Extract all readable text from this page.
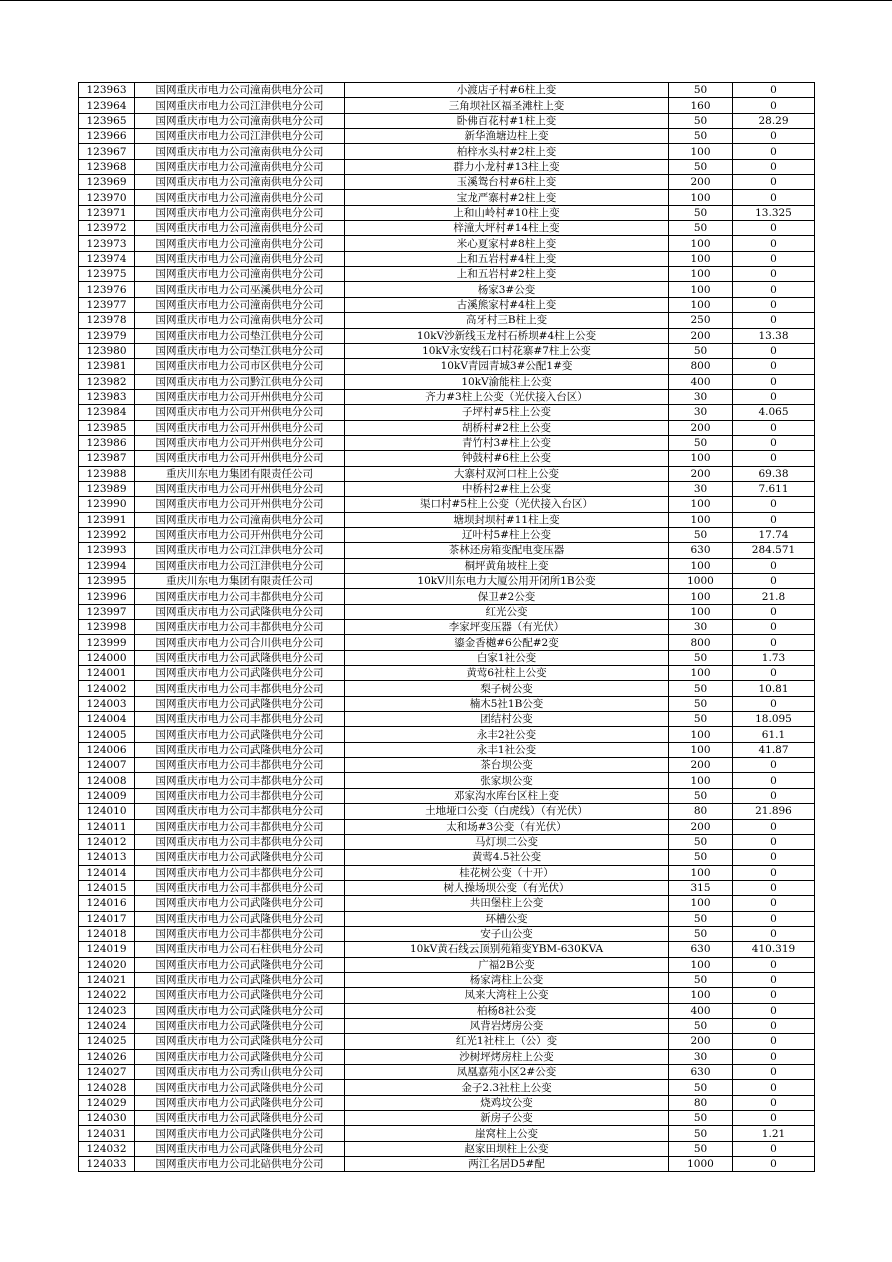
123963	国网重庆市电力公司潼南供电分公司	小渡店子村#6柱上变	50	0
123964	国网重庆市电力公司江津供电分公司	三角坝社区福圣滩柱上变	160	0
123965	国网重庆市电力公司潼南供电分公司	卧佛百花村#1柱上变	50	28.29
123966	国网重庆市电力公司江津供电分公司	新华渔塘边柱上变	50	0
123967	国网重庆市电力公司潼南供电分公司	柏梓水头村#2柱上变	100	0
123968	国网重庆市电力公司潼南供电分公司	群力小龙村#13柱上变	50	0
123969	国网重庆市电力公司潼南供电分公司	玉溪鸳台村#6柱上变	200	0
123970	国网重庆市电力公司潼南供电分公司	宝龙严寨村#2柱上变	100	0
123971	国网重庆市电力公司潼南供电分公司	上和山岭村#10柱上变	50	13.325
123972	国网重庆市电力公司潼南供电分公司	梓潼大坪村#14柱上变	50	0
123973	国网重庆市电力公司潼南供电分公司	米心夏家村#8柱上变	100	0
123974	国网重庆市电力公司潼南供电分公司	上和五岩村#4柱上变	100	0
123975	国网重庆市电力公司潼南供电分公司	上和五岩村#2柱上变	100	0
123976	国网重庆市电力公司巫溪供电分公司	杨家3#公变	100	0
123977	国网重庆市电力公司潼南供电分公司	古溪熊家村#4柱上变	100	0
123978	国网重庆市电力公司潼南供电分公司	高牙村三B柱上变	250	0
123979	国网重庆市电力公司垫江供电分公司	10kV沙新线玉龙村石桥坝#4柱上公变	200	13.38
123980	国网重庆市电力公司垫江供电分公司	10kV永安线石口村花寨#7柱上公变	50	0
123981	国网重庆市电力公司市区供电分公司	10kV青园青城3#公配1#变	800	0
123982	国网重庆市电力公司黔江供电分公司	10kV渝能柱上公变	400	0
123983	国网重庆市电力公司开州供电分公司	齐力#3柱上公变（光伏接入台区）	30	0
123984	国网重庆市电力公司开州供电分公司	子坪村#5柱上公变	30	4.065
123985	国网重庆市电力公司开州供电分公司	胡桥村#2柱上公变	200	0
123986	国网重庆市电力公司开州供电分公司	青竹村3#柱上公变	50	0
123987	国网重庆市电力公司开州供电分公司	钟鼓村#6柱上公变	100	0
123988	重庆川东电力集团有限责任公司	大寨村双河口柱上公变	200	69.38
123989	国网重庆市电力公司开州供电分公司	中桥村2#柱上公变	30	7.611
123990	国网重庆市电力公司开州供电分公司	渠口村#5柱上公变（光伏接入台区）	100	0
123991	国网重庆市电力公司潼南供电分公司	塘坝封坝村#11柱上变	100	0
123992	国网重庆市电力公司开州供电分公司	辽叶村5#柱上公变	50	17.74
123993	国网重庆市电力公司江津供电分公司	茶林还房箱变配电变压器	630	284.571
123994	国网重庆市电力公司江津供电分公司	桐坪黄角坡柱上变	100	0
123995	重庆川东电力集团有限责任公司	10kV川东电力大厦公用开闭所1B公变	1000	0
123996	国网重庆市电力公司丰都供电分公司	保卫#2公变	100	21.8
123997	国网重庆市电力公司武隆供电分公司	红光公变	100	0
123998	国网重庆市电力公司丰都供电分公司	李家坪变压器（有光伏）	30	0
123999	国网重庆市电力公司合川供电分公司	鎏金香樾#6公配#2变	800	0
124000	国网重庆市电力公司武隆供电分公司	白家1社公变	50	1.73
124001	国网重庆市电力公司武隆供电分公司	黄莺6社柱上公变	100	0
124002	国网重庆市电力公司丰都供电分公司	梨子树公变	50	10.81
124003	国网重庆市电力公司武隆供电分公司	楠木5社1B公变	50	0
124004	国网重庆市电力公司丰都供电分公司	团结村公变	50	18.095
124005	国网重庆市电力公司武隆供电分公司	永丰2社公变	100	61.1
124006	国网重庆市电力公司武隆供电分公司	永丰1社公变	100	41.87
124007	国网重庆市电力公司丰都供电分公司	茶台坝公变	200	0
124008	国网重庆市电力公司丰都供电分公司	张家坝公变	100	0
124009	国网重庆市电力公司丰都供电分公司	邓家沟水库台区柱上变	50	0
124010	国网重庆市电力公司丰都供电分公司	土地垭口公变（白虎线）（有光伏）	80	21.896
124011	国网重庆市电力公司丰都供电分公司	太和场#3公变（有光伏）	200	0
124012	国网重庆市电力公司丰都供电分公司	马灯坝二公变	50	0
124013	国网重庆市电力公司武隆供电分公司	黄莺4.5社公变	50	0
124014	国网重庆市电力公司丰都供电分公司	桂花树公变（十开）	100	0
124015	国网重庆市电力公司丰都供电分公司	树人操场坝公变（有光伏）	315	0
124016	国网重庆市电力公司武隆供电分公司	共田堡柱上公变	100	0
124017	国网重庆市电力公司武隆供电分公司	环槽公变	50	0
124018	国网重庆市电力公司丰都供电分公司	安子山公变	50	0
124019	国网重庆市电力公司石柱供电分公司	10kV黄石线云顶别苑箱变YBM-630KVA	630	410.319
124020	国网重庆市电力公司武隆供电分公司	广福2B公变	100	0
124021	国网重庆市电力公司武隆供电分公司	杨家湾柱上公变	50	0
124022	国网重庆市电力公司武隆供电分公司	凤来大湾柱上公变	100	0
124023	国网重庆市电力公司武隆供电分公司	柏杨8社公变	400	0
124024	国网重庆市电力公司武隆供电分公司	风背岩烤房公变	50	0
124025	国网重庆市电力公司武隆供电分公司	红光1社柱上（公）变	200	0
124026	国网重庆市电力公司武隆供电分公司	沙树坪烤房柱上公变	30	0
124027	国网重庆市电力公司秀山供电分公司	凤凰嘉苑小区2#公变	630	0
124028	国网重庆市电力公司武隆供电分公司	金子2.3社柱上公变	50	0
124029	国网重庆市电力公司武隆供电分公司	烧鸡坟公变	80	0
124030	国网重庆市电力公司武隆供电分公司	新房子公变	50	0
124031	国网重庆市电力公司武隆供电分公司	崖窝柱上公变	50	1.21
124032	国网重庆市电力公司武隆供电分公司	赵家田坝柱上公变	50	0
124033	国网重庆市电力公司北碚供电分公司	两江名居D5#配	1000	0
